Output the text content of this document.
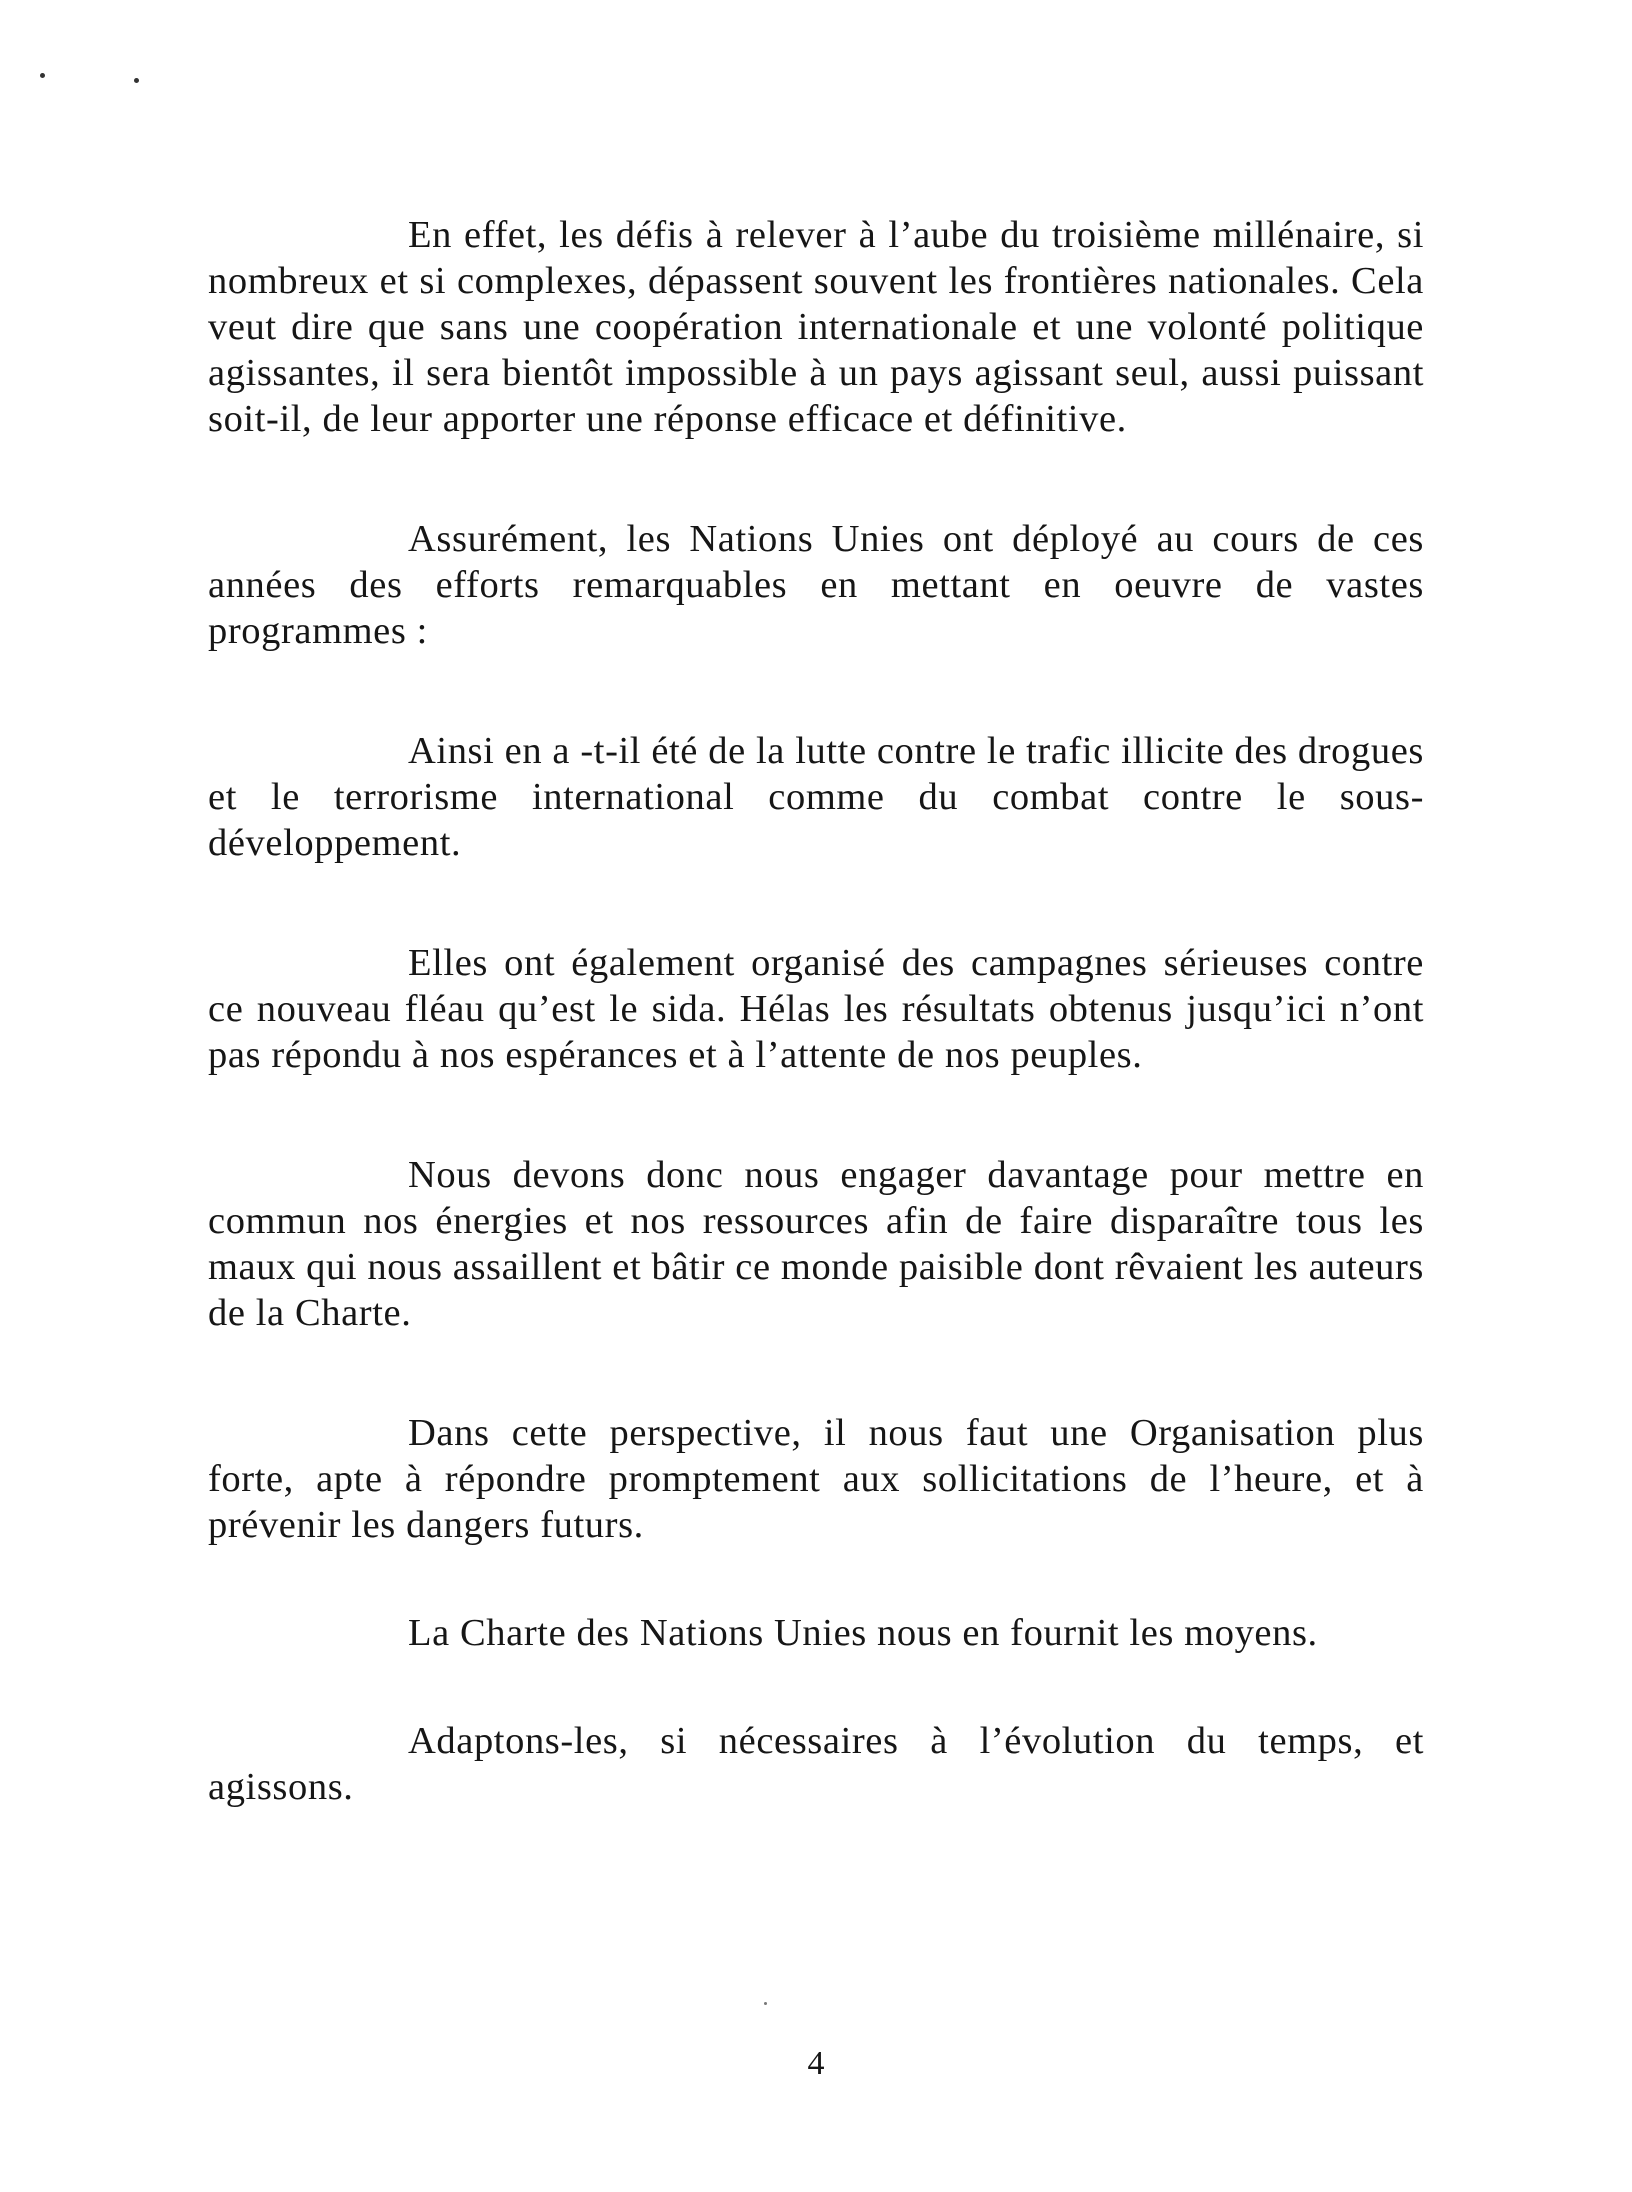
En effet, les défis à relever à l’aube du troisième millénaire, si nombreux et si complexes, dépassent souvent les frontières nationales. Cela veut dire que sans une coopération internationale et une volonté politique agissantes, il sera bientôt impossible à un pays agissant seul, aussi puissant soit-il, de leur apporter une réponse efficace et définitive.

Assurément, les Nations Unies ont déployé au cours de ces années des efforts remarquables en mettant en oeuvre de vastes programmes :

Ainsi en a -t-il été de la lutte contre le trafic illicite des drogues et le terrorisme international comme du combat contre le sous-développement.

Elles ont également organisé des campagnes sérieuses contre ce nouveau fléau qu’est le sida. Hélas les résultats obtenus jusqu’ici n’ont pas répondu à nos espérances et à l’attente de nos peuples.

Nous devons donc nous engager davantage pour mettre en commun nos énergies et nos ressources afin de faire disparaître tous les maux qui nous assaillent et bâtir ce monde paisible dont rêvaient les auteurs de la Charte.

Dans cette perspective, il nous faut une Organisation plus forte, apte à répondre promptement aux sollicitations de l’heure, et à prévenir les dangers futurs.

La Charte des Nations Unies nous en fournit les moyens.

Adaptons-les, si nécessaires à l’évolution du temps, et agissons.

4
